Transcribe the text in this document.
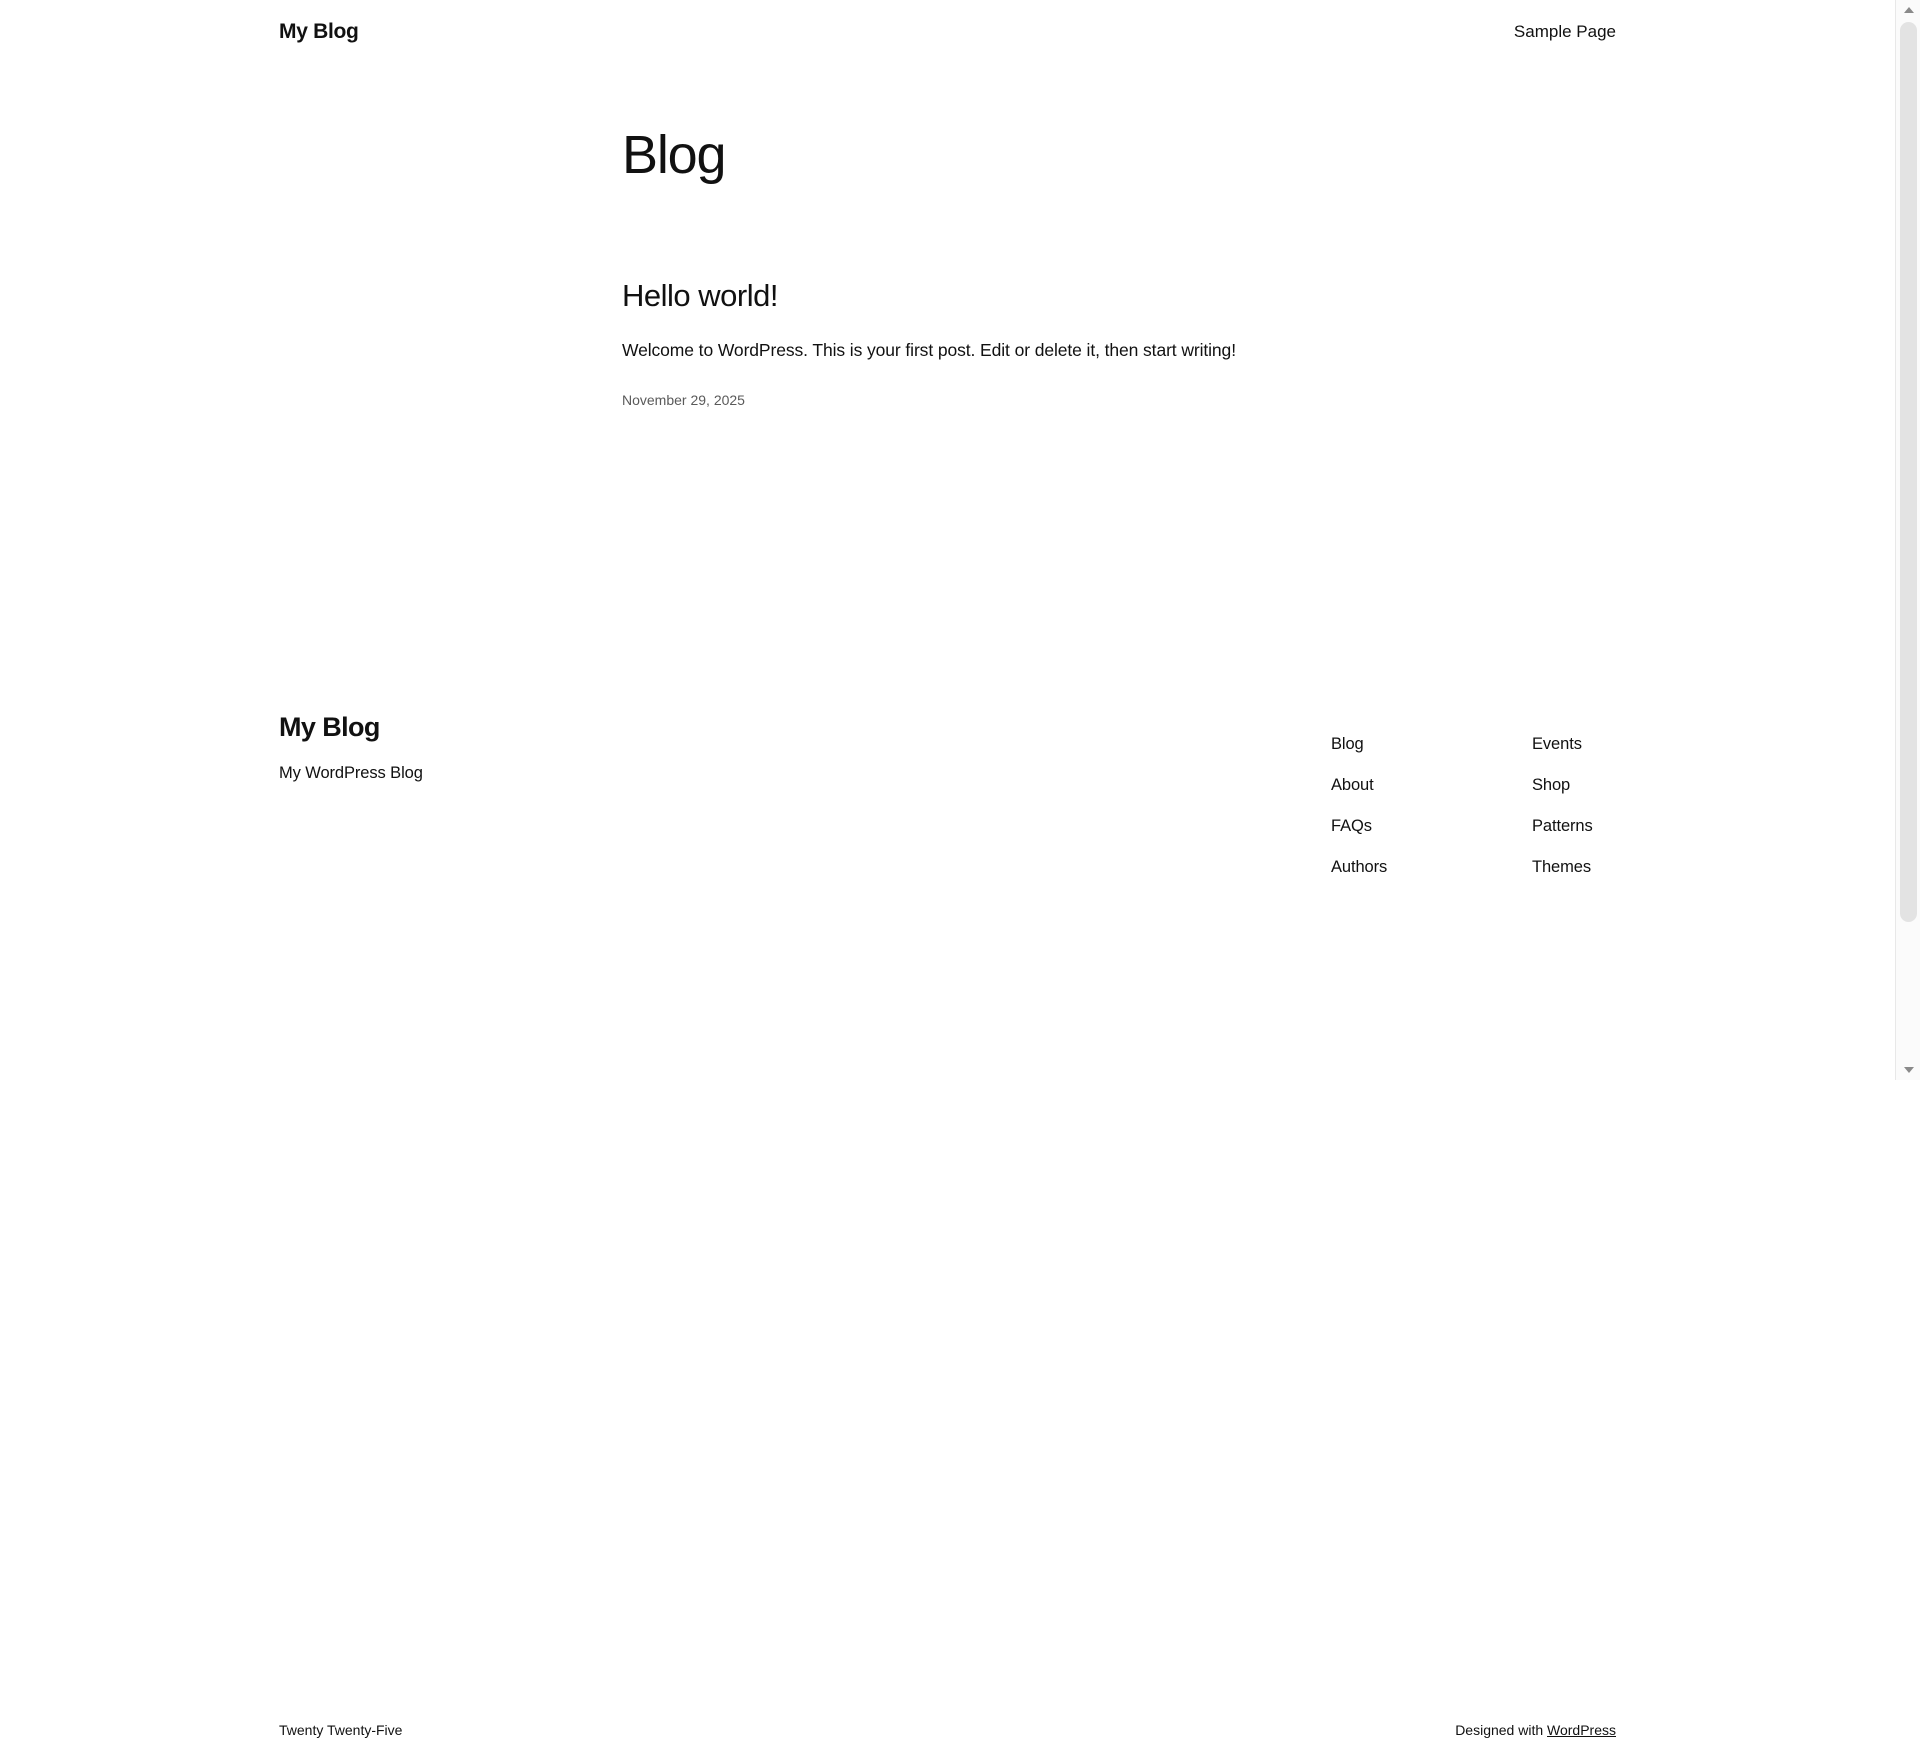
My Blog	Sample Page
Blog
Hello world!

Welcome to WordPress. This is your first post. Edit or delete it, then start writing!

November 29, 2025

My Blog

My WordPress Blog

Blog
About
FAQs
Authors
Events
Shop
Patterns
Themes
Twenty Twenty-Five	Designed with WordPress
